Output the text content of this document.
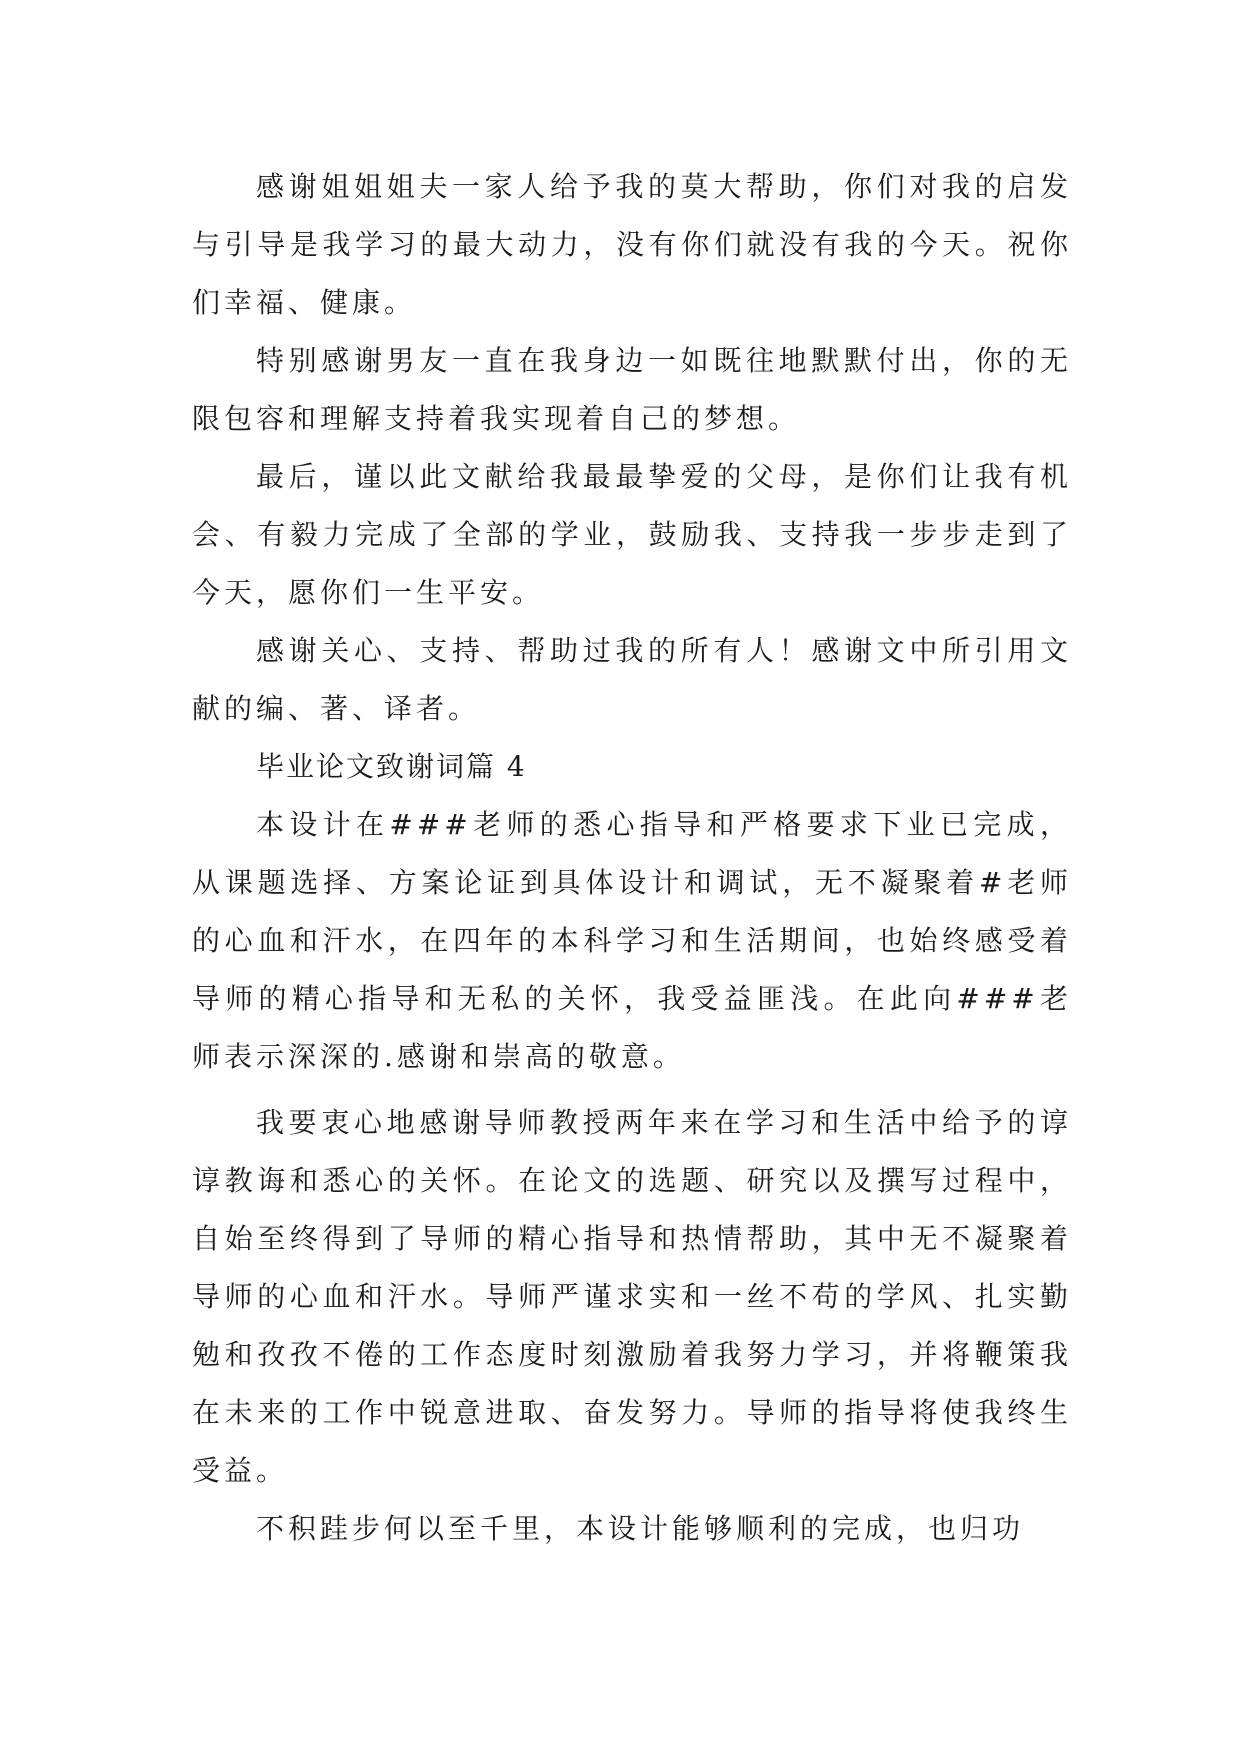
感谢姐姐姐夫一家人给予我的莫大帮助，你们对我的启发与引导是我学习的最大动力，没有你们就没有我的今天。祝你们幸福、健康。

特别感谢男友一直在我身边一如既往地默默付出，你的无限包容和理解支持着我实现着自己的梦想。

最后，谨以此文献给我最最挚爱的父母，是你们让我有机会、有毅力完成了全部的学业，鼓励我、支持我一步步走到了今天，愿你们一生平安。

感谢关心、支持、帮助过我的所有人！感谢文中所引用文献的编、著、译者。

毕业论文致谢词篇 4

本设计在###老师的悉心指导和严格要求下业已完成，从课题选择、方案论证到具体设计和调试，无不凝聚着#老师的心血和汗水，在四年的本科学习和生活期间，也始终感受着导师的精心指导和无私的关怀，我受益匪浅。在此向###老师表示深深的.感谢和崇高的敬意。

我要衷心地感谢导师教授两年来在学习和生活中给予的谆谆教诲和悉心的关怀。在论文的选题、研究以及撰写过程中，自始至终得到了导师的精心指导和热情帮助，其中无不凝聚着导师的心血和汗水。导师严谨求实和一丝不苟的学风、扎实勤勉和孜孜不倦的工作态度时刻激励着我努力学习，并将鞭策我在未来的工作中锐意进取、奋发努力。导师的指导将使我终生受益。

不积跬步何以至千里，本设计能够顺利的完成，也归功
